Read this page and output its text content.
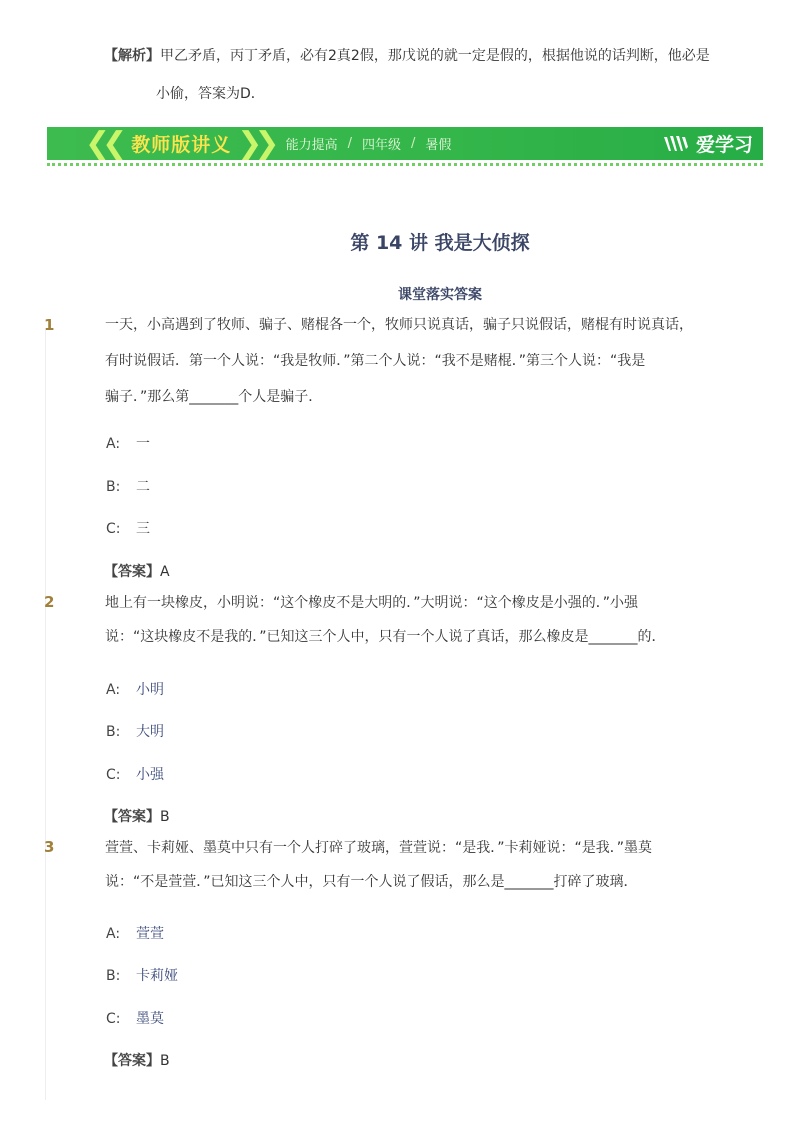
【解析】甲乙矛盾，丙丁矛盾，必有2真2假，那戊说的就一定是假的，根据他说的话判断，他必是
小偷，答案为D．
❮❮ 教师版讲义 ❯❯ 能力提高 / 四年级 / 暑假	爱学习
第 14 讲 我是大侦探
课堂落实答案
1	一天，小高遇到了牧师、骗子、赌棍各一个，牧师只说真话，骗子只说假话，赌棍有时说真话，
有时说假话．第一个人说：“我是牧师．”第二个人说：“我不是赌棍．”第三个人说：“我是
骗子．”那么第_______个人是骗子．
A: 一
B: 二
C: 三
【答案】A
2	地上有一块橡皮，小明说：“这个橡皮不是大明的．”大明说：“这个橡皮是小强的．”小强
说：“这块橡皮不是我的．”已知这三个人中，只有一个人说了真话，那么橡皮是_______的．
A: 小明
B: 大明
C: 小强
【答案】B
3	萱萱、卡莉娅、墨莫中只有一个人打碎了玻璃，萱萱说：“是我．”卡莉娅说：“是我．”墨莫
说：“不是萱萱．”已知这三个人中，只有一个人说了假话，那么是_______打碎了玻璃．
A: 萱萱
B: 卡莉娅
C: 墨莫
【答案】B
